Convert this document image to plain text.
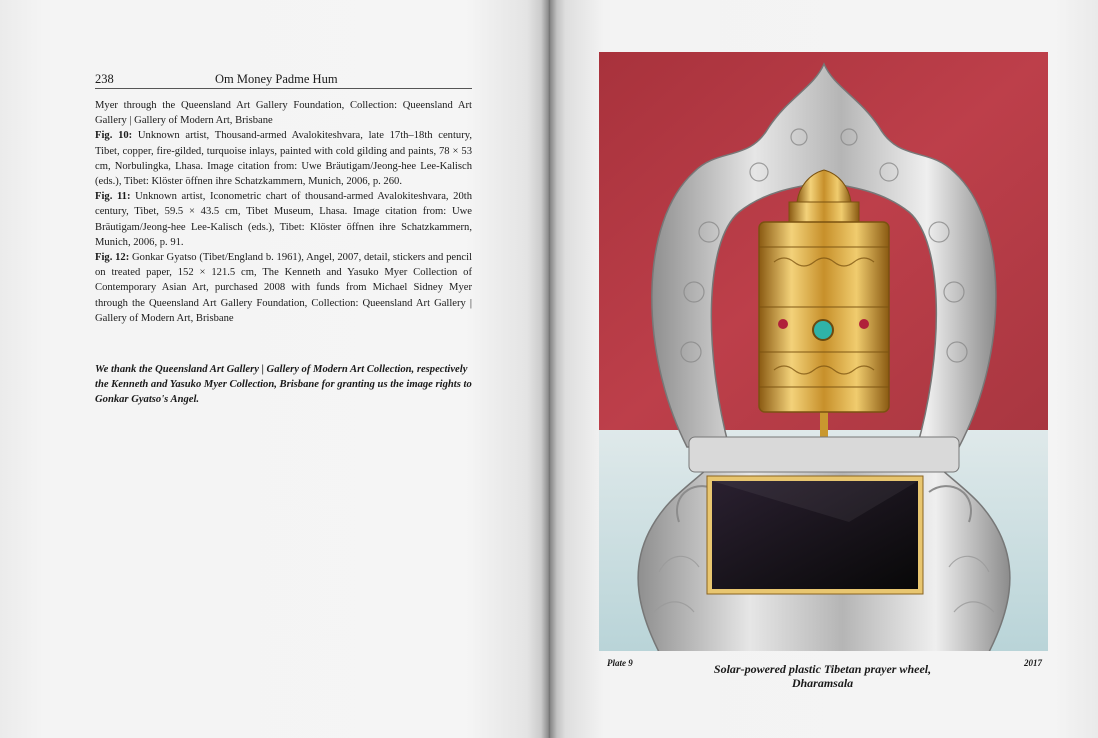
238	Om Money Padme Hum

Myer through the Queensland Art Gallery Foundation, Collection: Queensland Art Gallery | Gallery of Modern Art, Brisbane

Fig. 10: Unknown artist, Thousand-armed Avalokiteshvara, late 17th–18th century, Tibet, copper, fire-gilded, turquoise inlays, painted with cold gilding and paints, 78 × 53 cm, Norbulingka, Lhasa. Image citation from: Uwe Bräutigam/Jeong-hee Lee-Kalisch (eds.), Tibet: Klöster öffnen ihre Schatzkammern, Munich, 2006, p. 260.

Fig. 11: Unknown artist, Iconometric chart of thousand-armed Avalokiteshvara, 20th century, Tibet, 59.5 × 43.5 cm, Tibet Museum, Lhasa. Image citation from: Uwe Bräutigam/Jeong-hee Lee-Kalisch (eds.), Tibet: Klöster öffnen ihre Schatzkammern, Munich, 2006, p. 91.

Fig. 12: Gonkar Gyatso (Tibet/England b. 1961), Angel, 2007, detail, stickers and pencil on treated paper, 152 × 121.5 cm, The Kenneth and Yasuko Myer Collection of Contemporary Asian Art, purchased 2008 with funds from Michael Sidney Myer through the Queensland Art Gallery Foundation, Collection: Queensland Art Gallery | Gallery of Modern Art, Brisbane

We thank the Queensland Art Gallery | Gallery of Modern Art Collection, respectively the Kenneth and Yasuko Myer Collection, Brisbane for granting us the image rights to Gonkar Gyatso's Angel.
Plate 9	2017
Solar-powered plastic Tibetan prayer wheel,
Dharamsala
